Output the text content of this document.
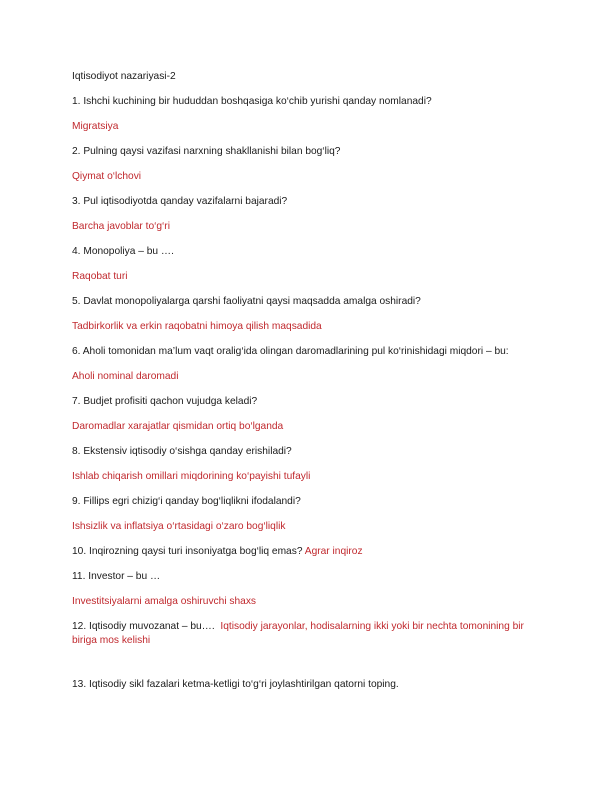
Iqtisodiyot nazariyasi-2

1. Ishchi kuchining bir hududdan boshqasiga ko‘chib yurishi qanday nomlanadi?

Migratsiya

2. Pulning qaysi vazifasi narxning shakllanishi bilan bog‘liq?

Qiymat o‘lchovi

3. Pul iqtisodiyotda qanday vazifalarni bajaradi?

Barcha javoblar to‘g‘ri

4. Monopoliya – bu ….

Raqobat turi

5. Davlat monopoliyalarga qarshi faoliyatni qaysi maqsadda amalga oshiradi?

Tadbirkorlik va erkin raqobatni himoya qilish maqsadida

6. Aholi tomonidan ma’lum vaqt oralig‘ida olingan daromadlarining pul ko‘rinishidagi miqdori – bu:

Aholi nominal daromadi

7. Budjet profisiti qachon vujudga keladi?

Daromadlar xarajatlar qismidan ortiq bo‘lganda

8. Ekstensiv iqtisodiy o‘sishga qanday erishiladi?

Ishlab chiqarish omillari miqdorining ko‘payishi tufayli

9. Fillips egri chizig‘i qanday bog‘liqlikni ifodalandi?

Ishsizlik va inflatsiya o‘rtasidagi o‘zaro bog‘liqlik

10. Inqirozning qaysi turi insoniyatga bog‘liq emas? Agrar inqiroz

11. Investor – bu …

Investitsiyalarni amalga oshiruvchi shaxs

12. Iqtisodiy muvozanat – bu…. Iqtisodiy jarayonlar, hodisalarning ikki yoki bir nechta tomonining bir biriga mos kelishi

13. Iqtisodiy sikl fazalari ketma-ketligi to‘g‘ri joylashtirilgan qatorni toping.
